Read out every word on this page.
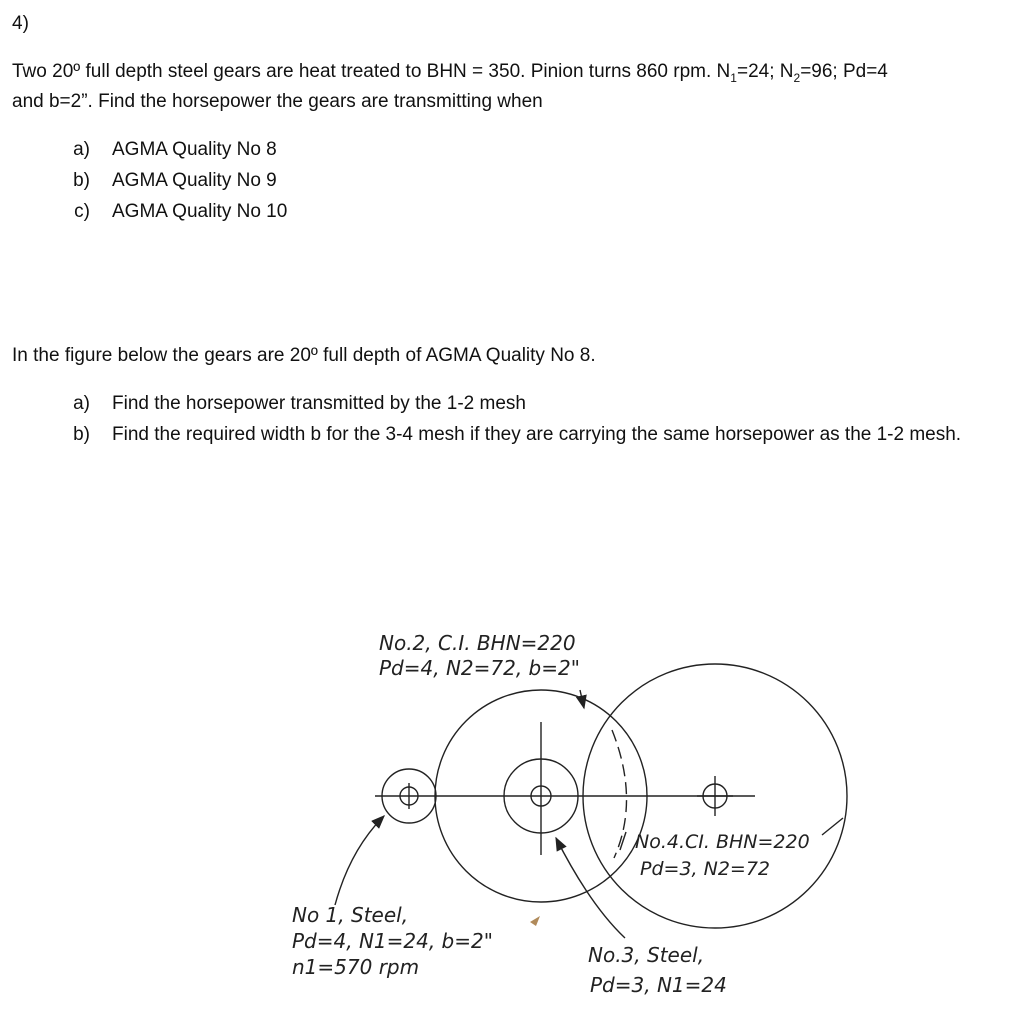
4)
Two 20º full depth steel gears are heat treated to BHN = 350. Pinion turns 860 rpm. $N_1=24$; $N_2=96$; Pd=4
and b=2”. Find the horsepower the gears are transmitting when
a) AGMA Quality No 8
b) AGMA Quality No 9
c) AGMA Quality No 10
In the figure below the gears are 20º full depth of AGMA Quality No 8.
a) Find the horsepower transmitted by the 1-2 mesh
b) Find the required width b for the 3-4 mesh if they are carrying the same horsepower as the 1-2 mesh.
No.2, C.I. BHN=220
Pd=4, N2=72, b=2"
No.4.CI. BHN=220
Pd=3, N2=72
No 1, Steel,
Pd=4, N1=24, b=2"
n1=570 rpm	No.3, Steel,
Pd=3, N1=24
